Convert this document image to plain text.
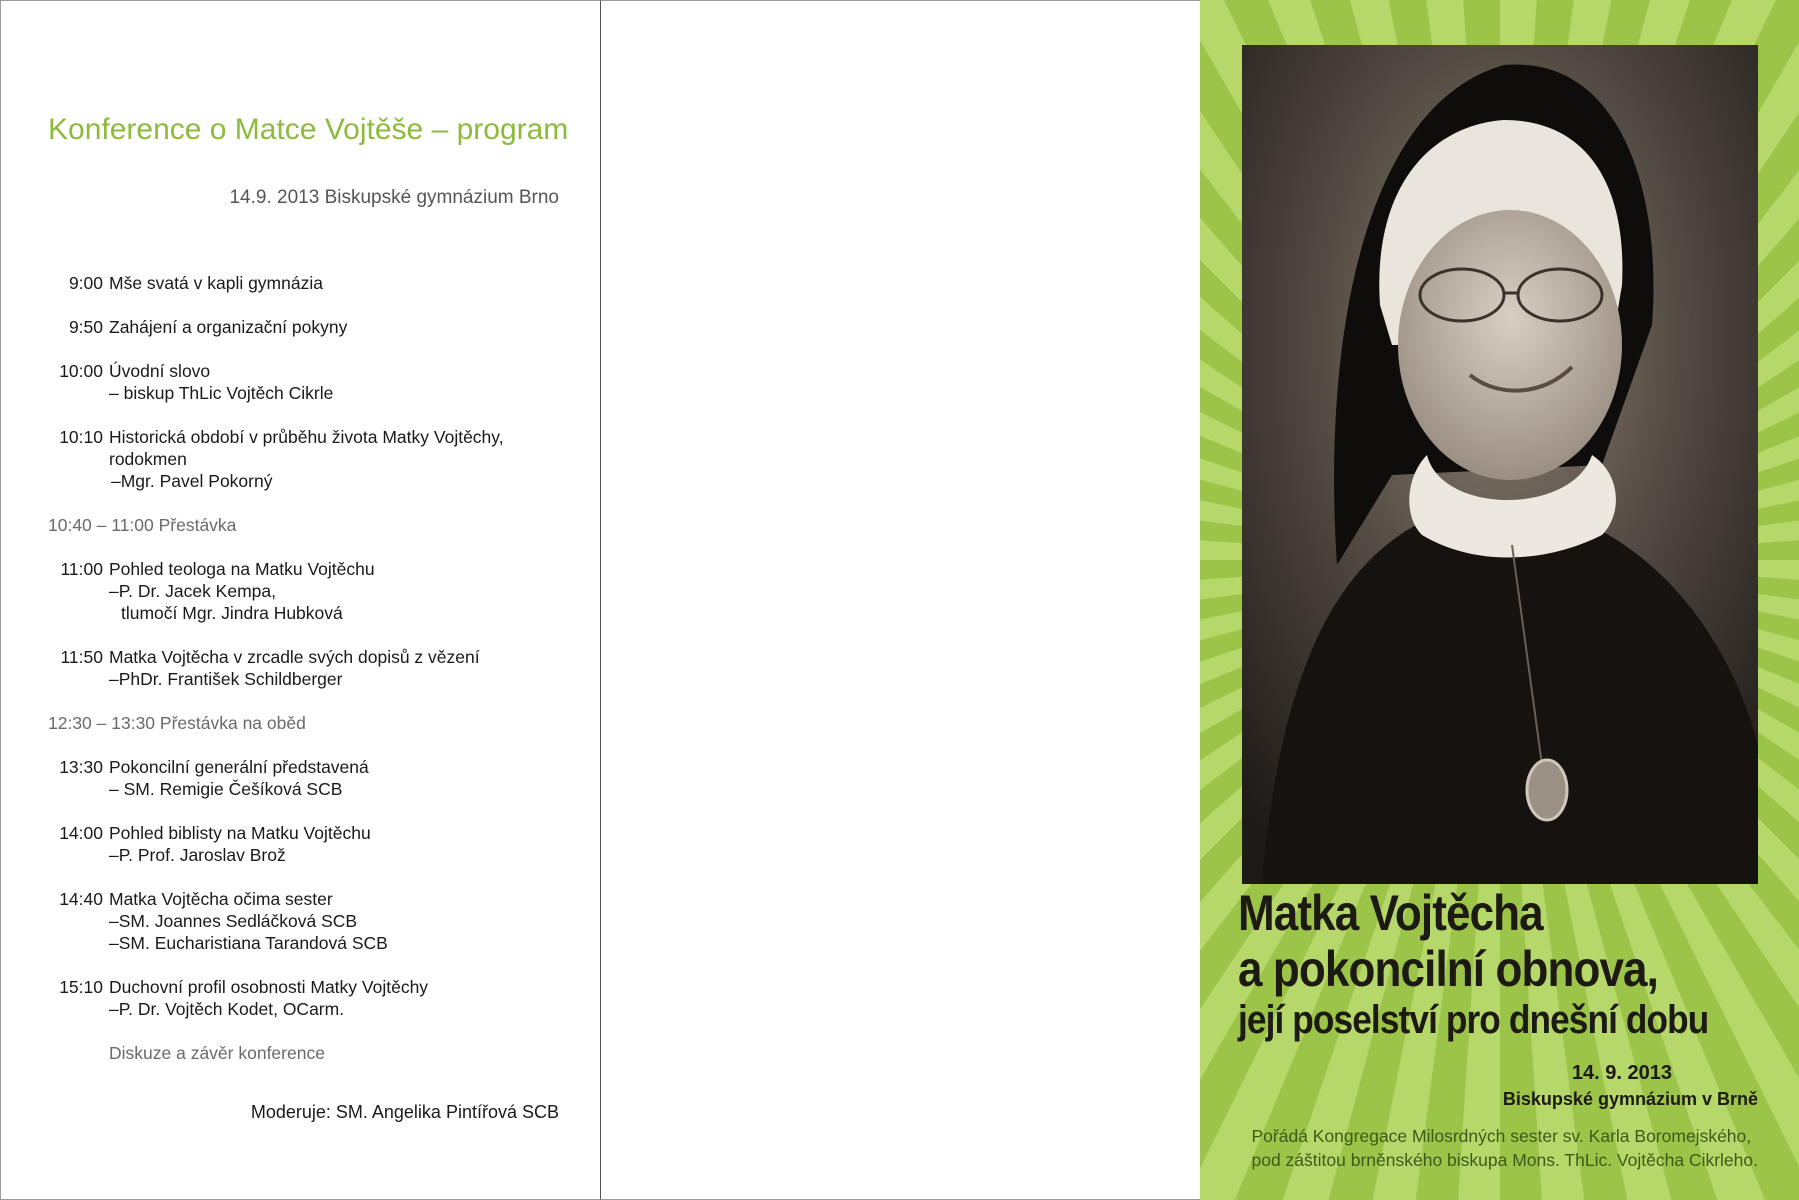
Konference o Matce Vojtěše – program
14.9. 2013 Biskupské gymnázium Brno
9:00 Mše svatá v kapli gymnázia
9:50 Zahájení a organizační pokyny
10:00 Úvodní slovo
– biskup ThLic Vojtěch Cikrle
10:10 Historická období v průběhu života Matky Vojtěchy,
rodokmen
–Mgr. Pavel Pokorný
10:40 – 11:00 Přestávka
11:00 Pohled teologa na Matku Vojtěchu
–P. Dr. Jacek Kempa,
tlumočí Mgr. Jindra Hubková
11:50 Matka Vojtěcha v zrcadle svých dopisů z vězení
–PhDr. František Schildberger
12:30 – 13:30 Přestávka na oběd
13:30 Pokoncilní generální představená
– SM. Remigie Češíková SCB
14:00 Pohled biblisty na Matku Vojtěchu
–P. Prof. Jaroslav Brož
14:40 Matka Vojtěcha očima sester
–SM. Joannes Sedláčková SCB
–SM. Eucharistiana Tarandová SCB
15:10 Duchovní profil osobnosti Matky Vojtěchy
–P. Dr. Vojtěch Kodet, OCarm.
Diskuze a závěr konference
Moderuje: SM. Angelika Pintířová SCB
Matka Vojtěcha
a pokoncilní obnova,
její poselství pro dnešní dobu
14. 9. 2013
Biskupské gymnázium v Brně
Pořádá Kongregace Milosrdných sester sv. Karla Boromejského,
pod záštitou brněnského biskupa Mons. ThLic. Vojtěcha Cikrleho.
